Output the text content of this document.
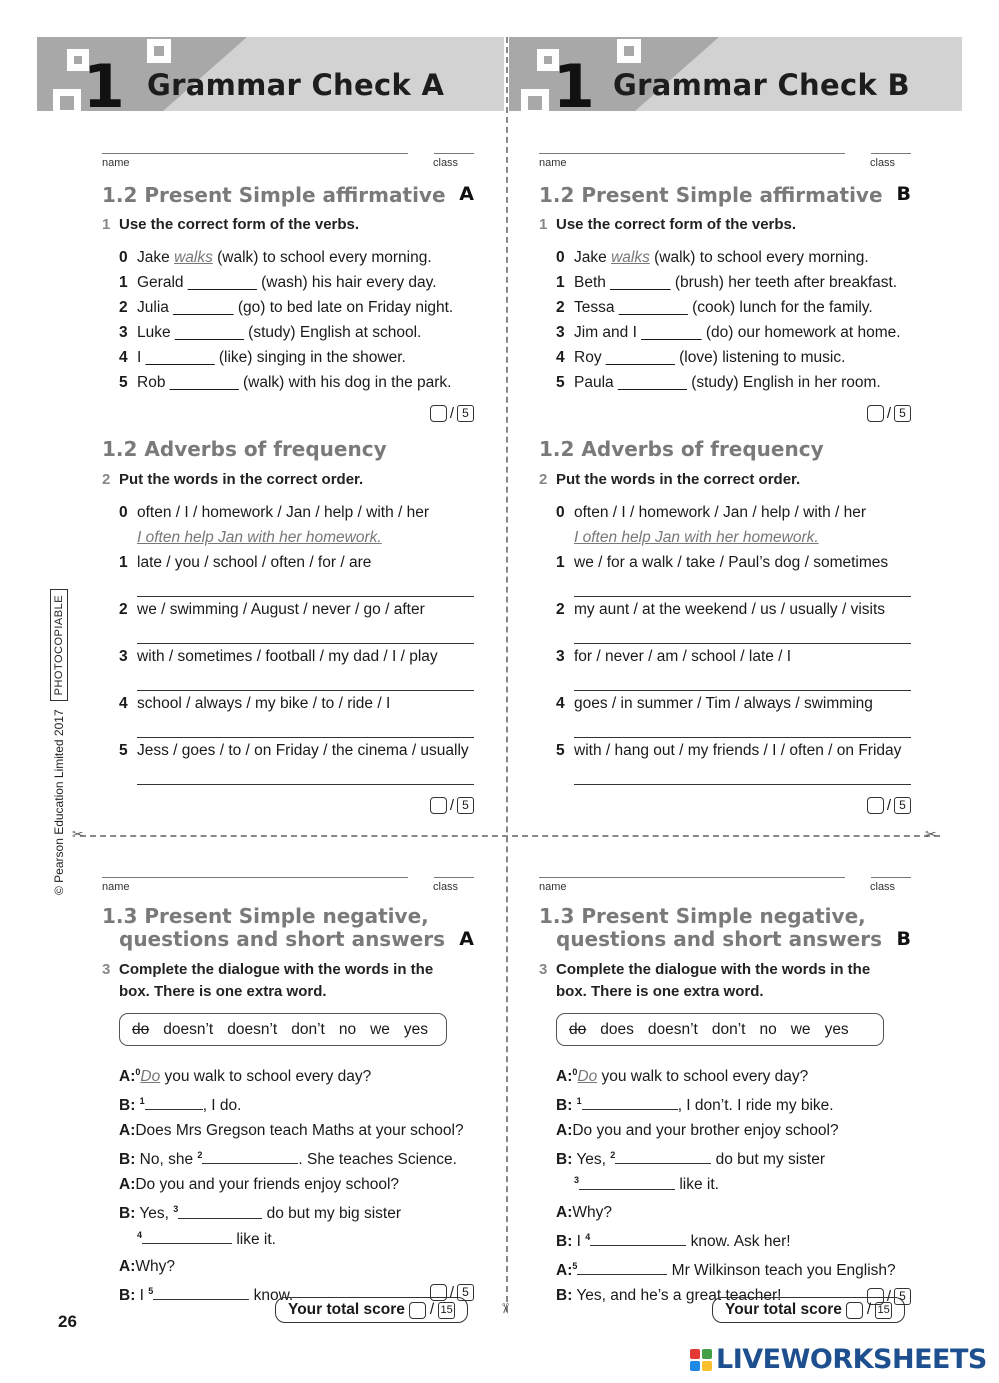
1 Grammar Check A 1 Grammar Check B
✂	✂
✂
© Pearson Education Limited 2017
PHOTOCOPIABLE
name	class
1.2 Present Simple affirmative A
1 Use the correct form of the verbs.
0 Jake walks (walk) to school every morning.
1 Gerald ________ (wash) his hair every day.
2 Julia _______ (go) to bed late on Friday night.
3 Luke ________ (study) English at school.
4 I ________ (like) singing in the shower.
5 Rob ________ (walk) with his dog in the park.
/ 5
1.2 Adverbs of frequency
2 Put the words in the correct order.
0 often / I / homework / Jan / help / with / her
I often help Jan with her homework.
1 late / you / school / often / for / are
2 we / swimming / August / never / go / after
3 with / sometimes / football / my dad / I / play
4 school / always / my bike / to / ride / I
5 Jess / goes / to / on Friday / the cinema / usually
/ 5
name	class
1.2 Present Simple affirmative B
1 Use the correct form of the verbs.
0 Jake walks (walk) to school every morning.
1 Beth _______ (brush) her teeth after breakfast.
2 Tessa ________ (cook) lunch for the family.
3 Jim and I _______ (do) our homework at home.
4 Roy ________ (love) listening to music.
5 Paula ________ (study) English in her room.
/ 5
1.2 Adverbs of frequency
2 Put the words in the correct order.
0 often / I / homework / Jan / help / with / her
I often help Jan with her homework.
1 we / for a walk / take / Paul’s dog / sometimes
2 my aunt / at the weekend / us / usually / visits
3 for / never / am / school / late / I
4 goes / in summer / Tim / always / swimming
5 with / hang out / my friends / I / often / on Friday
/ 5
name	class
1.3 Present Simple negative,
questions and short answers A
3 Complete the dialogue with the words in the
box. There is one extra word.
do doesn’t doesn’t don’t no we yes
A:$^0$Do you walk to school every day?
B: $^1$	, I do.
A:Does Mrs Gregson teach Maths at your school?
B: No, she $^2$	. She teaches Science.
A:Do you and your friends enjoy school?
B: Yes, $^3$	do but my big sister
$^4$	like it.
A:Why?
B: I $^5$	know.	/ 5
name	class
1.3 Present Simple negative,
questions and short answers B
3 Complete the dialogue with the words in the
box. There is one extra word.
do does doesn’t don’t no we yes
A:$^0$Do you walk to school every day?
B: $^1$	, I don’t. I ride my bike.
A:Do you and your brother enjoy school?
B: Yes, $^2$	do but my sister
$^3$	like it.
A:Why?
B: I $^4$	know. Ask her!
A:$^5$	Mr Wilkinson teach you English?
B: Yes, and he’s a great teacher!	/ 5
Your total score / 15	Your total score / 15
26
LIVEWORKSHEETS
